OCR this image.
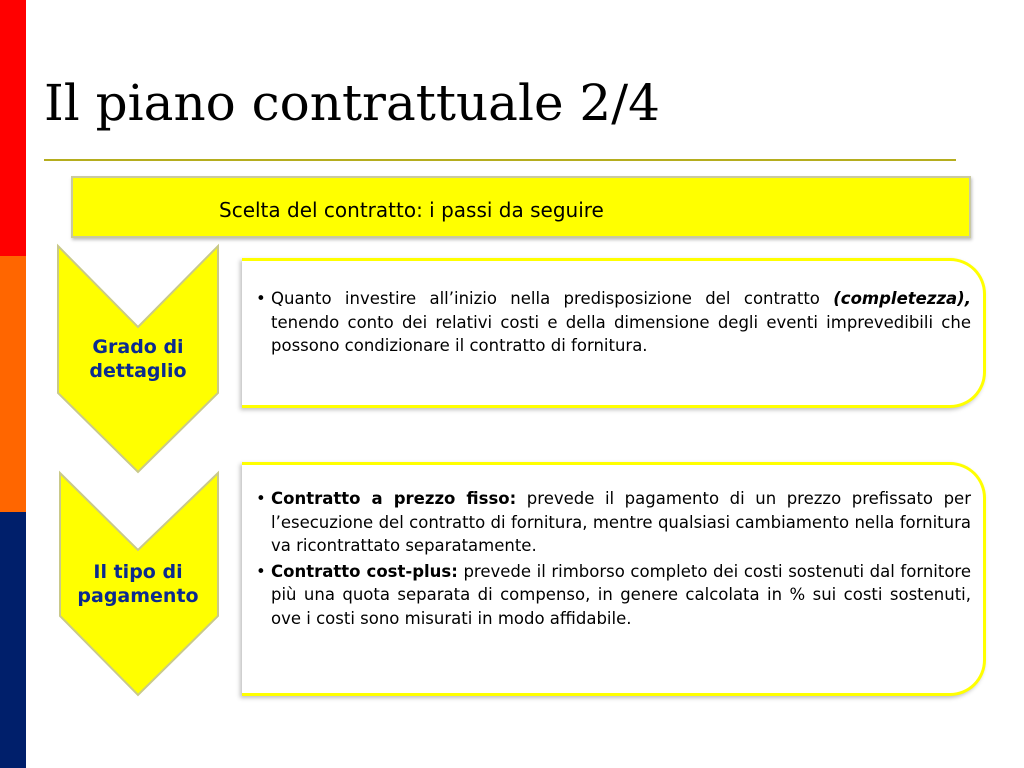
Il piano contrattuale 2/4
Scelta del contratto: i passi da seguire
Grado di
dettaglio
• Quanto investire all’inizio nella predisposizione del contratto (completezza), tenendo conto dei relativi costi e della dimensione degli eventi imprevedibili che possono condizionare il contratto di fornitura.
Il tipo di
pagamento
• Contratto a prezzo fisso: prevede il pagamento di un prezzo prefissato per l’esecuzione del contratto di fornitura, mentre qualsiasi cambiamento nella fornitura va ricontrattato separatamente.
• Contratto cost-plus: prevede il rimborso completo dei costi sostenuti dal fornitore più una quota separata di compenso, in genere calcolata in % sui costi sostenuti, ove i costi sono misurati in modo affidabile.
